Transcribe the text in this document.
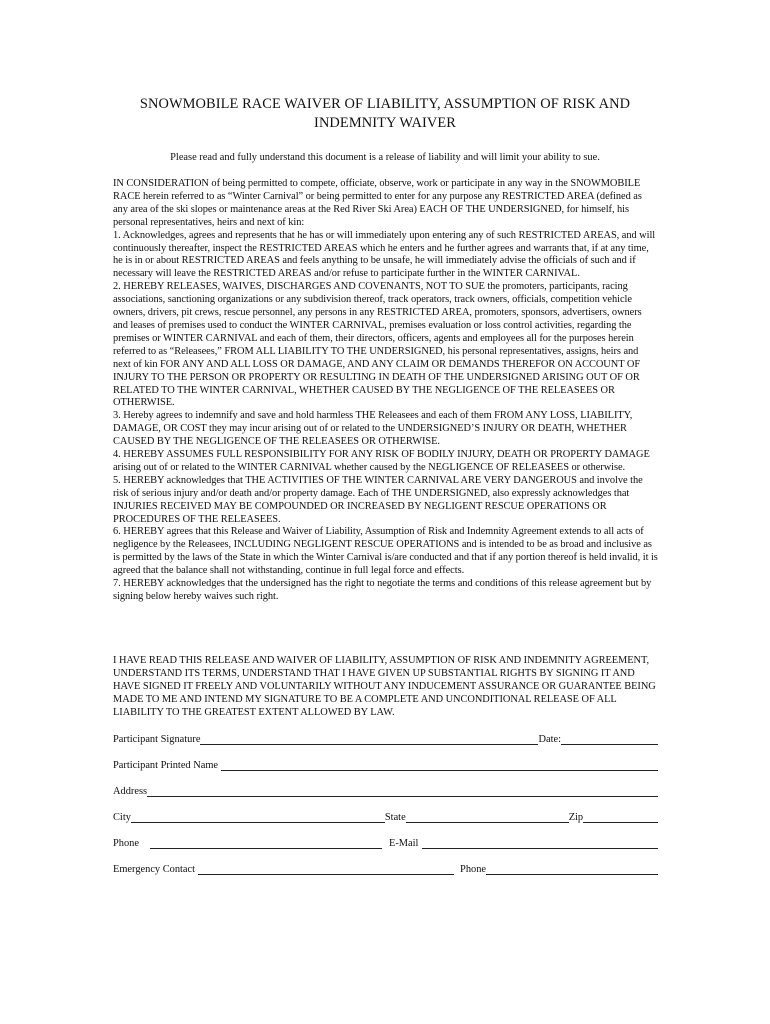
SNOWMOBILE RACE WAIVER OF LIABILITY, ASSUMPTION OF RISK AND INDEMNITY WAIVER
Please read and fully understand this document is a release of liability and will limit your ability to sue.

IN CONSIDERATION of being permitted to compete, officiate, observe, work or participate in any way in the SNOWMOBILE RACE herein referred to as “Winter Carnival” or being permitted to enter for any purpose any RESTRICTED AREA (defined as any area of the ski slopes or maintenance areas at the Red River Ski Area) EACH OF THE UNDERSIGNED, for himself, his personal representatives, heirs and next of kin:

1. Acknowledges, agrees and represents that he has or will immediately upon entering any of such RESTRICTED AREAS, and will continuously thereafter, inspect the RESTRICTED AREAS which he enters and he further agrees and warrants that, if at any time, he is in or about RESTRICTED AREAS and feels anything to be unsafe, he will immediately advise the officials of such and if necessary will leave the RESTRICTED AREAS and/or refuse to participate further in the WINTER CARNIVAL.

2. HEREBY RELEASES, WAIVES, DISCHARGES AND COVENANTS, NOT TO SUE the promoters, participants, racing associations, sanctioning organizations or any subdivision thereof, track operators, track owners, officials, competition vehicle owners, drivers, pit crews, rescue personnel, any persons in any RESTRICTED AREA, promoters, sponsors, advertisers, owners and leases of premises used to conduct the WINTER CARNIVAL, premises evaluation or loss control activities, regarding the premises or WINTER CARNIVAL and each of them, their directors, officers, agents and employees all for the purposes herein referred to as “Releasees,” FROM ALL LIABILITY TO THE UNDERSIGNED, his personal representatives, assigns, heirs and next of kin FOR ANY AND ALL LOSS OR DAMAGE, AND ANY CLAIM OR DEMANDS THEREFOR ON ACCOUNT OF INJURY TO THE PERSON OR PROPERTY OR RESULTING IN DEATH OF THE UNDERSIGNED ARISING OUT OF OR RELATED TO THE WINTER CARNIVAL, WHETHER CAUSED BY THE NEGLIGENCE OF THE RELEASEES OR OTHERWISE.

3. Hereby agrees to indemnify and save and hold harmless THE Releasees and each of them FROM ANY LOSS, LIABILITY, DAMAGE, OR COST they may incur arising out of or related to the UNDERSIGNED’S INJURY OR DEATH, WHETHER CAUSED BY THE NEGLIGENCE OF THE RELEASEES OR OTHERWISE.

4. HEREBY ASSUMES FULL RESPONSIBILITY FOR ANY RISK OF BODILY INJURY, DEATH OR PROPERTY DAMAGE arising out of or related to the WINTER CARNIVAL whether caused by the NEGLIGENCE OF RELEASEES or otherwise.

5. HEREBY acknowledges that THE ACTIVITIES OF THE WINTER CARNIVAL ARE VERY DANGEROUS and involve the risk of serious injury and/or death and/or property damage. Each of THE UNDERSIGNED, also expressly acknowledges that INJURIES RECEIVED MAY BE COMPOUNDED OR INCREASED BY NEGLIGENT RESCUE OPERATIONS OR PROCEDURES OF THE RELEASEES.

6. HEREBY agrees that this Release and Waiver of Liability, Assumption of Risk and Indemnity Agreement extends to all acts of negligence by the Releasees, INCLUDING NEGLIGENT RESCUE OPERATIONS and is intended to be as broad and inclusive as is permitted by the laws of the State in which the Winter Carnival is/are conducted and that if any portion thereof is held invalid, it is agreed that the balance shall not withstanding, continue in full legal force and effects.

7. HEREBY acknowledges that the undersigned has the right to negotiate the terms and conditions of this release agreement but by signing below hereby waives such right.

I HAVE READ THIS RELEASE AND WAIVER OF LIABILITY, ASSUMPTION OF RISK AND INDEMNITY AGREEMENT, UNDERSTAND ITS TERMS, UNDERSTAND THAT I HAVE GIVEN UP SUBSTANTIAL RIGHTS BY SIGNING IT AND HAVE SIGNED IT FREELY AND VOLUNTARILY WITHOUT ANY INDUCEMENT ASSURANCE OR GUARANTEE BEING MADE TO ME AND INTEND MY SIGNATURE TO BE A COMPLETE AND UNCONDITIONAL RELEASE OF ALL LIABILITY TO THE GREATEST EXTENT ALLOWED BY LAW.

Participant Signature	Date:
Participant Printed Name
Address
City	State	Zip
Phone	E-Mail
Emergency Contact	Phone
